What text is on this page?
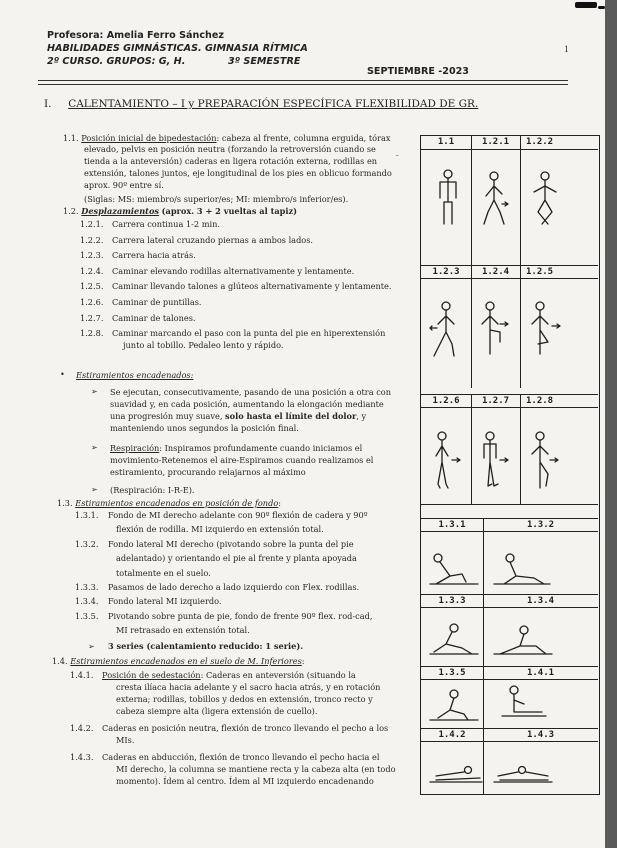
Profesora: Amelia Ferro Sánchez
HABILIDADES GIMNÁSTICAS. GIMNASIA RÍTMICA
2º CURSO. GRUPOS: G, H.	3º SEMESTRE
SEPTIEMBRE -2023
1
I. CALENTAMIENTO – I y PREPARACIÓN ESPECÍFICA FLEXIBILIDAD DE GR.
1.1. Posición inicial de bipedestación: cabeza al frente, columna erguida, tórax
elevado, pelvis en posición neutra (forzando la retroversión cuando se
tienda a la anteversión) caderas en ligera rotación externa, rodillas en
extensión, talones juntos, eje longitudinal de los pies en oblicuo formando
aprox. 90º entre sí.
(Siglas: MS: miembro/s superior/es; MI: miembro/s inferior/es).
1.2. Desplazamientos (aprox. 3 + 2 vueltas al tapiz)
1.2.1. Carrera continua 1-2 min.
1.2.2. Carrera lateral cruzando piernas a ambos lados.
1.2.3. Carrera hacia atrás.
1.2.4. Caminar elevando rodillas alternativamente y lentamente.
1.2.5. Caminar llevando talones a glúteos alternativamente y lentamente.
1.2.6. Caminar de puntillas.
1.2.7. Caminar de talones.
1.2.8. Caminar marcando el paso con la punta del pie en hiperextensión
junto al tobillo. Pedaleo lento y rápido.
• Estiramientos encadenados:
➢ Se ejecutan, consecutivamente, pasando de una posición a otra con
suavidad y, en cada posición, aumentando la elongación mediante
una progresión muy suave, solo hasta el límite del dolor, y
manteniendo unos segundos la posición final.
➢ Respiración: Inspiramos profundamente cuando iniciamos el
movimiento-Retenemos el aire-Espiramos cuando realizamos el
estiramiento, procurando relajarnos al máximo
➢ (Respiración: I-R-E).
1.3. Estiramientos encadenados en posición de fondo:
1.3.1. Fondo de MI derecho adelante con 90º flexión de cadera y 90º
flexión de rodilla. MI izquierdo en extensión total.
1.3.2. Fondo lateral MI derecho (pivotando sobre la punta del pie
adelantado) y orientando el pie al frente y planta apoyada
totalmente en el suelo.
1.3.3. Pasamos de lado derecho a lado izquierdo con Flex. rodillas.
1.3.4. Fondo lateral MI izquierdo.
1.3.5. Pivotando sobre punta de pie, fondo de frente 90º flex. rod-cad,
MI retrasado en extensión total.
➢ 3 series (calentamiento reducido: 1 serie).
1.4. Estiramientos encadenados en el suelo de M. Inferiores:
1.4.1. Posición de sedestación: Caderas en anteversión (situando la
cresta ilíaca hacia adelante y el sacro hacia atrás, y en rotación
externa; rodillas, tobillos y dedos en extensión, tronco recto y
cabeza siempre alta (ligera extensión de cuello).
1.4.2. Caderas en posición neutra, flexión de tronco llevando el pecho a los
MIs.
1.4.3. Caderas en abducción, flexión de tronco llevando el pecho hacia el
MI derecho, la columna se mantiene recta y la cabeza alta (en todo
momento). Ídem al centro. Ídem al MI izquierdo encadenando
1.1	1.2.1	1.2.2
1.2.3	1.2.4	1.2.5
1.2.6	1.2.7	1.2.8
1.3.1	1.3.2
1.3.3	1.3.4
1.3.5	1.4.1
1.4.2	1.4.3
˘
